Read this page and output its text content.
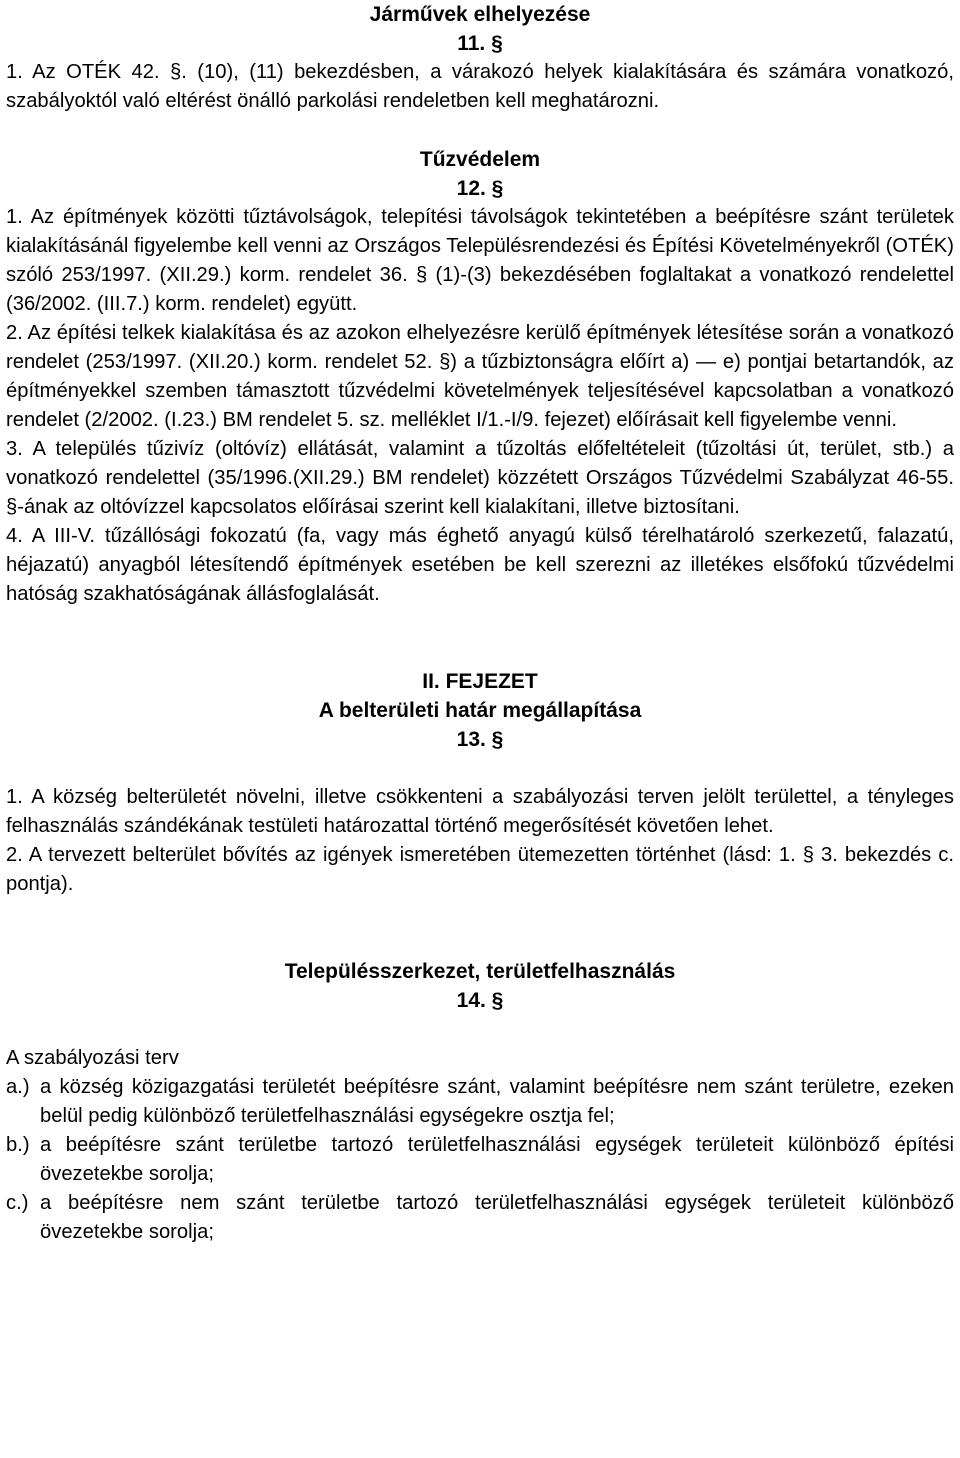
Járművek elhelyezése

11. §

1. Az OTÉK 42. §. (10), (11) bekezdésben, a várakozó helyek kialakítására és számára vonatkozó, szabályoktól való eltérést önálló parkolási rendeletben kell meghatározni.

Tűzvédelem

12. §

1. Az építmények közötti tűztávolságok, telepítési távolságok tekintetében a beépítésre szánt területek kialakításánál figyelembe kell venni az Országos Településrendezési és Építési Követelményekről (OTÉK) szóló 253/1997. (XII.29.) korm. rendelet 36. § (1)-(3) bekezdésében foglaltakat a vonatkozó rendelettel (36/2002. (III.7.) korm. rendelet) együtt.

2. Az építési telkek kialakítása és az azokon elhelyezésre kerülő építmények létesítése során a vonatkozó rendelet (253/1997. (XII.20.) korm. rendelet 52. §) a tűzbiztonságra előírt a) — e) pontjai betartandók, az építményekkel szemben támasztott tűzvédelmi követelmények teljesítésével kapcsolatban a vonatkozó rendelet (2/2002. (I.23.) BM rendelet 5. sz. melléklet I/1.-I/9. fejezet) előírásait kell figyelembe venni.

3. A település tűzivíz (oltóvíz) ellátását, valamint a tűzoltás előfeltételeit (tűzoltási út, terület, stb.) a vonatkozó rendelettel (35/1996.(XII.29.) BM rendelet) közzétett Országos Tűzvédelmi Szabályzat 46-55. §-ának az oltóvízzel kapcsolatos előírásai szerint kell kialakítani, illetve biztosítani.

4. A III-V. tűzállósági fokozatú (fa, vagy más éghető anyagú külső térelhatároló szerkezetű, falazatú, héjazatú) anyagból létesítendő építmények esetében be kell szerezni az illetékes elsőfokú tűzvédelmi hatóság szakhatóságának állásfoglalását.

II. FEJEZET

A belterületi határ megállapítása

13. §

1. A község belterületét növelni, illetve csökkenteni a szabályozási terven jelölt területtel, a tényleges felhasználás szándékának testületi határozattal történő megerősítését követően lehet.

2. A tervezett belterület bővítés az igények ismeretében ütemezetten történhet (lásd: 1. § 3. bekezdés c. pontja).

Településszerkezet, területfelhasználás

14. §

A szabályozási terv

a.) a község közigazgatási területét beépítésre szánt, valamint beépítésre nem szánt területre, ezeken belül pedig különböző területfelhasználási egységekre osztja fel;
b.) a beépítésre szánt területbe tartozó területfelhasználási egységek területeit különböző építési övezetekbe sorolja;
c.) a beépítésre nem szánt területbe tartozó területfelhasználási egységek területeit különböző övezetekbe sorolja;
